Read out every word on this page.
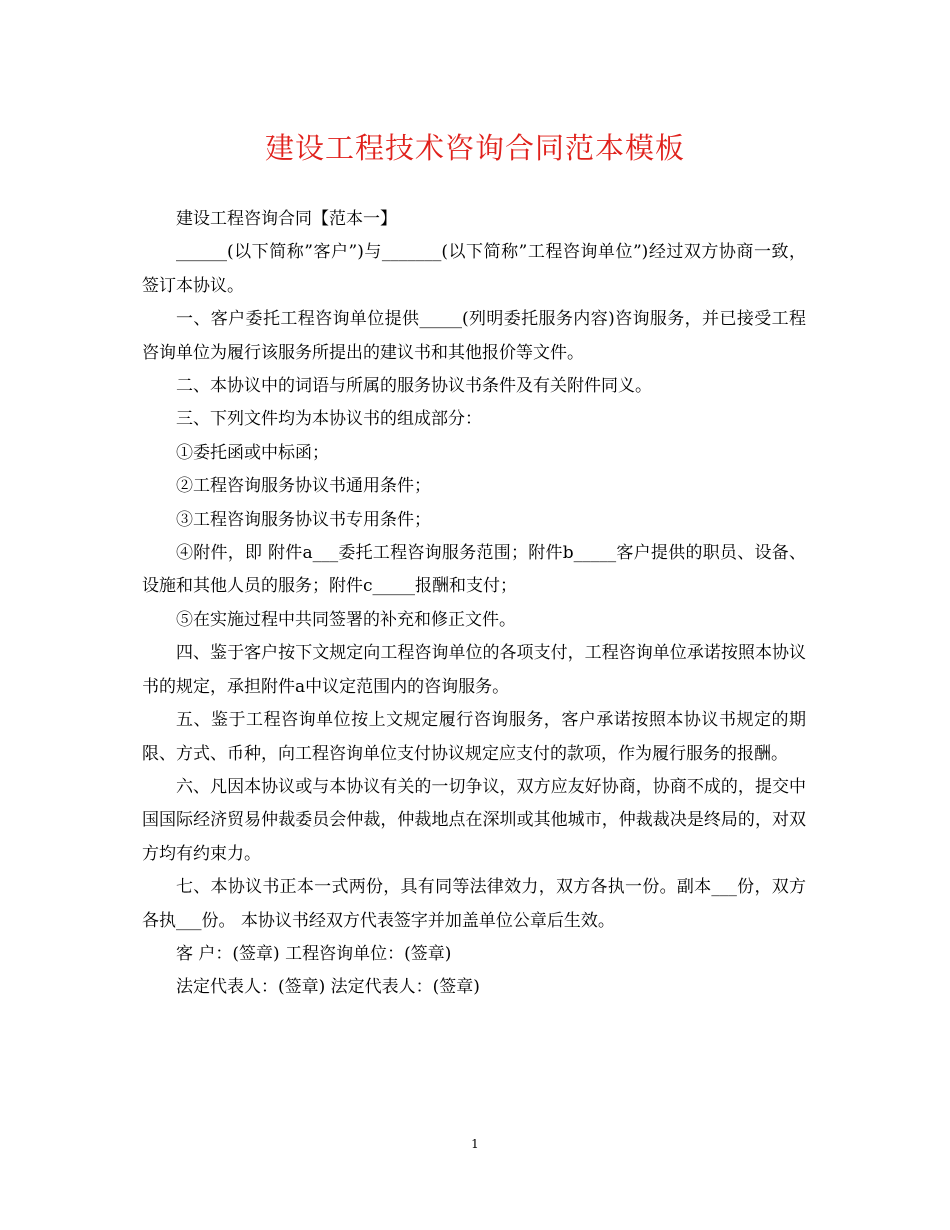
建设工程技术咨询合同范本模板

建设工程咨询合同【范本一】

______(以下简称”客户”)与_______(以下简称”工程咨询单位”)经过双方协商一致，签订本协议。

一、客户委托工程咨询单位提供_____(列明委托服务内容)咨询服务，并已接受工程咨询单位为履行该服务所提出的建议书和其他报价等文件。

二、本协议中的词语与所属的服务协议书条件及有关附件同义。

三、下列文件均为本协议书的组成部分：

①委托函或中标函；

②工程咨询服务协议书通用条件；

③工程咨询服务协议书专用条件；

④附件，即 附件a___委托工程咨询服务范围；附件b_____客户提供的职员、设备、 设施和其他人员的服务；附件c_____报酬和支付；

⑤在实施过程中共同签署的补充和修正文件。

四、鉴于客户按下文规定向工程咨询单位的各项支付，工程咨询单位承诺按照本协议书的规定，承担附件a中议定范围内的咨询服务。

五、鉴于工程咨询单位按上文规定履行咨询服务，客户承诺按照本协议书规定的期限、方式、币种，向工程咨询单位支付协议规定应支付的款项，作为履行服务的报酬。

六、凡因本协议或与本协议有关的一切争议，双方应友好协商，协商不成的，提交中国国际经济贸易仲裁委员会仲裁，仲裁地点在深圳或其他城市，仲裁裁决是终局的，对双方均有约束力。

七、本协议书正本一式两份，具有同等法律效力，双方各执一份。副本___份，双方各执___份。 本协议书经双方代表签字并加盖单位公章后生效。

客 户：(签章) 工程咨询单位：(签章)

法定代表人：(签章) 法定代表人：(签章)

1
